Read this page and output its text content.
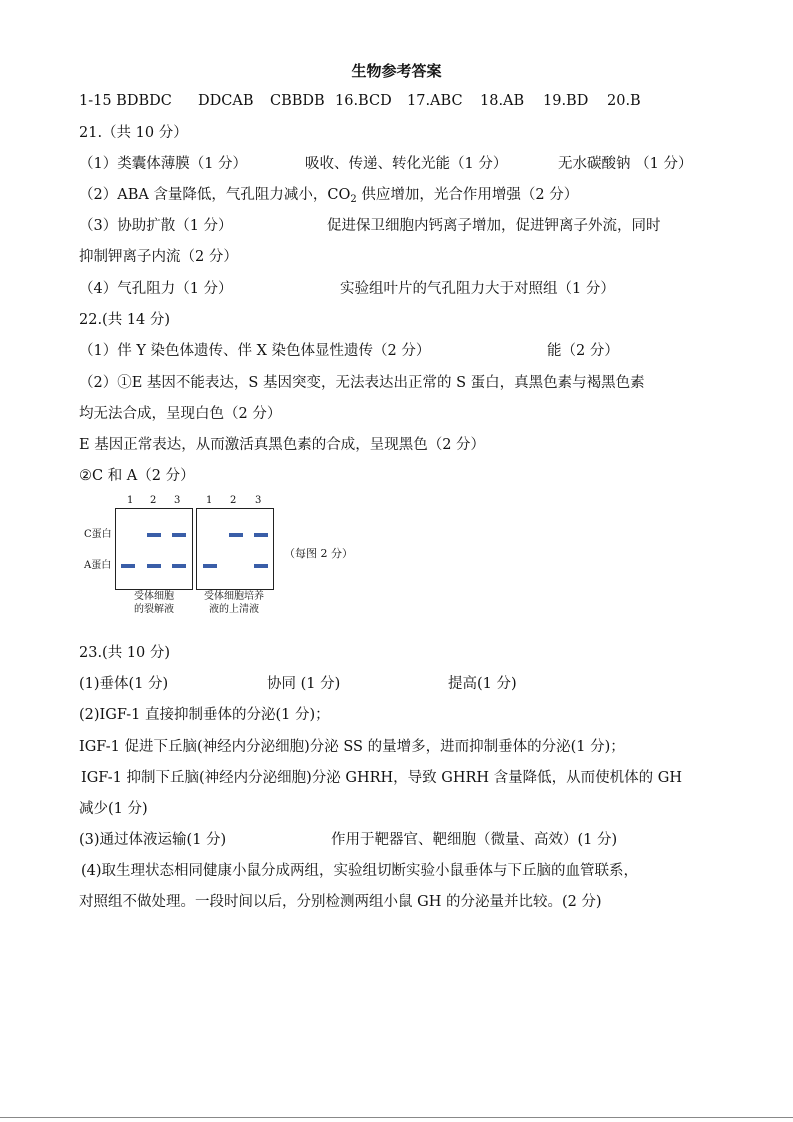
生物参考答案
1-15 BDBDC DDCAB CBBDB 16.BCD 17.ABC 18.AB 19.BD 20.B
21.（共 10 分）
（1）类囊体薄膜（1 分）	吸收、传递、转化光能（1 分）	无水碳酸钠 （1 分）
（2）ABA 含量降低，气孔阻力减小，$CO_2$ 供应增加，光合作用增强（2 分）
（3）协助扩散（1 分）	促进保卫细胞内钙离子增加，促进钾离子外流，同时
抑制钾离子内流（2 分）
（4）气孔阻力（1 分）	实验组叶片的气孔阻力大于对照组（1 分）
22.(共 14 分)
（1）伴 Y 染色体遗传、伴 X 染色体显性遗传（2 分）	能（2 分）
（2）①E 基因不能表达，S 基因突变，无法表达出正常的 S 蛋白，真黑色素与褐黑色素
均无法合成，呈现白色（2 分）
E 基因正常表达，从而激活真黑色素的合成，呈现黑色（2 分）
②C 和 A（2 分）
1 2 3	1 2 3
C蛋白
A蛋白
（每图 2 分）
受体细胞
的裂解液
受体细胞培养
液的上清液
23.(共 10 分)
(1)垂体(1 分)	协同 (1 分)	提高(1 分)
(2)IGF-1 直接抑制垂体的分泌(1 分)；
IGF-1 促进下丘脑(神经内分泌细胞)分泌 SS 的量增多，进而抑制垂体的分泌(1 分)；
IGF-1 抑制下丘脑(神经内分泌细胞)分泌 GHRH，导致 GHRH 含量降低，从而使机体的 GH
减少(1 分)
(3)通过体液运输(1 分)	作用于靶器官、靶细胞（微量、高效）(1 分)
(4)取生理状态相同健康小鼠分成两组，实验组切断实验小鼠垂体与下丘脑的血管联系，
对照组不做处理。一段时间以后，分别检测两组小鼠 GH 的分泌量并比较。(2 分)
